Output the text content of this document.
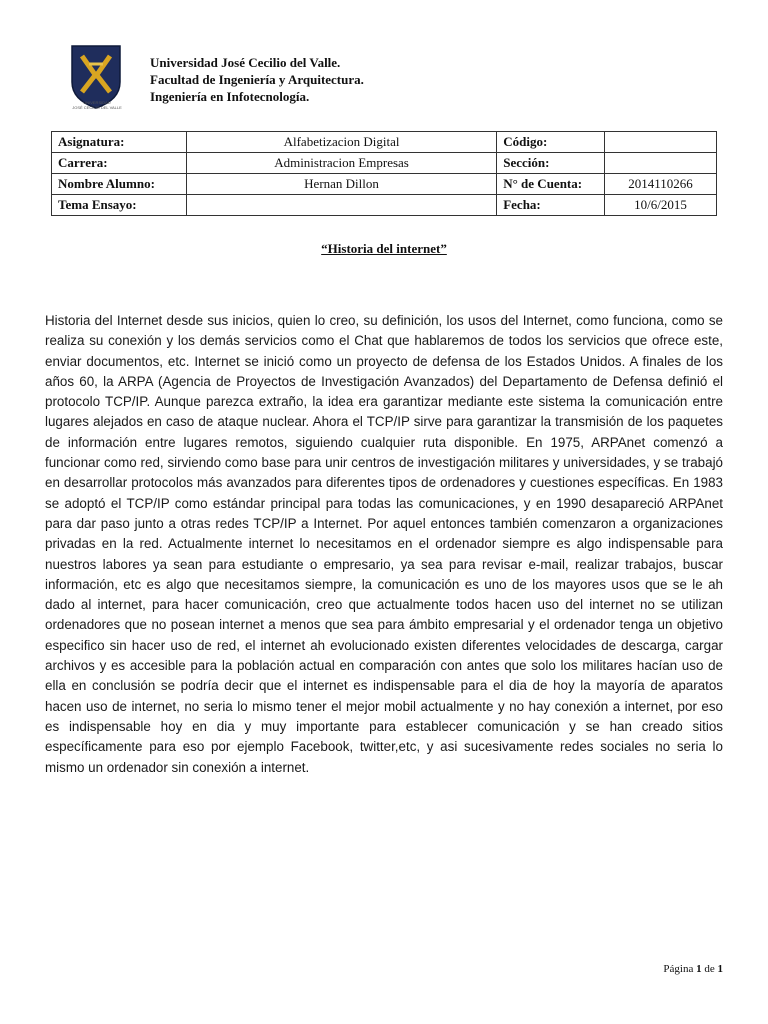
UNIVERSIDAD
JOSÉ CECILIO DEL VALLE
Universidad José Cecilio del Valle.
Facultad de Ingeniería y Arquitectura.
Ingeniería en Infotecnología.
Asignatura:	Alfabetizacion Digital	Código:	
Carrera:	Administracion Empresas	Sección:	
Nombre Alumno:	Hernan Dillon	N° de Cuenta:	2014110266
Tema Ensayo:		Fecha:	10/6/2015
“Historia del internet”
Historia del Internet desde sus inicios, quien lo creo, su definición, los usos del Internet, como funciona, como se realiza su conexión y los demás servicios como el Chat que hablaremos de todos los servicios que ofrece este, enviar documentos, etc. Internet se inició como un proyecto de defensa de los Estados Unidos. A finales de los años 60, la ARPA (Agencia de Proyectos de Investigación Avanzados) del Departamento de Defensa definió el protocolo TCP/IP. Aunque parezca extraño, la idea era garantizar mediante este sistema la comunicación entre lugares alejados en caso de ataque nuclear. Ahora el TCP/IP sirve para garantizar la transmisión de los paquetes de información entre lugares remotos, siguiendo cualquier ruta disponible. En 1975, ARPAnet comenzó a funcionar como red, sirviendo como base para unir centros de investigación militares y universidades, y se trabajó en desarrollar protocolos más avanzados para diferentes tipos de ordenadores y cuestiones específicas. En 1983 se adoptó el TCP/IP como estándar principal para todas las comunicaciones, y en 1990 desapareció ARPAnet para dar paso junto a otras redes TCP/IP a Internet. Por aquel entonces también comenzaron a organizaciones privadas en la red. Actualmente internet lo necesitamos en el ordenador siempre es algo indispensable para nuestros labores ya sean para estudiante o empresario, ya sea para revisar e-mail, realizar trabajos, buscar información, etc es algo que necesitamos siempre, la comunicación es uno de los mayores usos que se le ah dado al internet, para hacer comunicación, creo que actualmente todos hacen uso del internet no se utilizan ordenadores que no posean internet a menos que sea para ámbito empresarial y el ordenador tenga un objetivo especifico sin hacer uso de red, el internet ah evolucionado existen diferentes velocidades de descarga, cargar archivos y es accesible para la población actual en comparación con antes que solo los militares hacían uso de ella en conclusión se podría decir que el internet es indispensable para el dia de hoy la mayoría de aparatos hacen uso de internet, no seria lo mismo tener el mejor mobil actualmente y no hay conexión a internet, por eso es indispensable hoy en dia y muy importante para establecer comunicación y se han creado sitios específicamente para eso por ejemplo Facebook, twitter,etc, y asi sucesivamente redes sociales no seria lo mismo un ordenador sin conexión a internet.
Página 1 de 1
